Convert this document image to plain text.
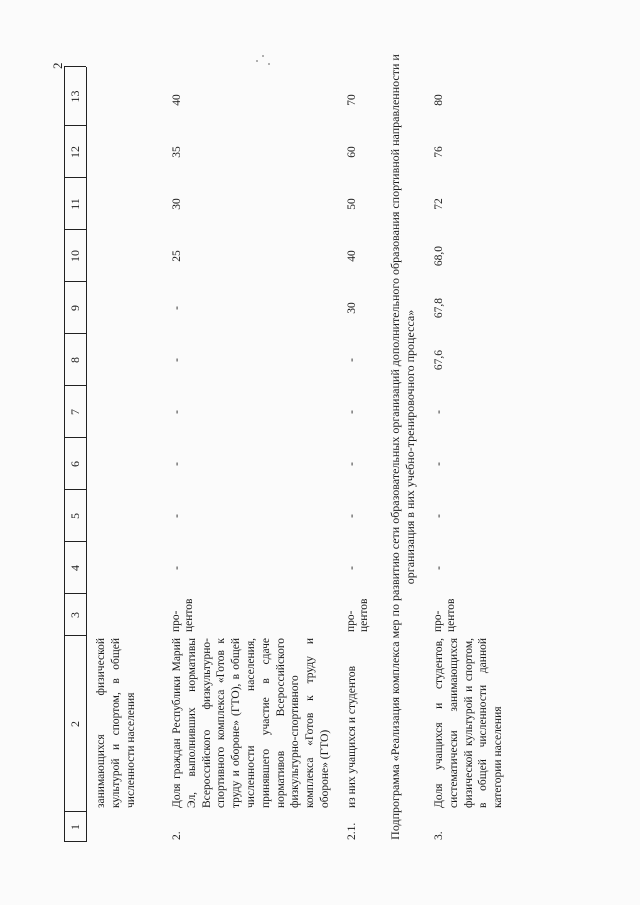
2
1
2
3
4
5
6
7
8
9
10
11
12
13
занимающихся физической культурой и спортом, в общей численности населения
2.
Доля граждан Республики Марий Эл, выполнивших нормативы Всероссийского физкультурно-спортивного комплекса «Готов к труду и обороне» (ГТО), в общей численности населения, принявшего участие в сдаче нормативов Всероссийского физкультурно-спортивного комплекса «Готов к труду и обороне» (ГТО)
про-
центов
-
-
-
-
-
-
25
30
35
40
2.1.
из них учащихся и студентов
про-
центов
-
-
-
-
-
30
40
50
60
70	Подпрограмма «Реализация комплекса мер по развитию сети образовательных организаций дополнительного образования спортивной направленности и организация в них учебно-тренировочного процесса»
3.
Доля учащихся и студентов, систематически занимающихся физической культурой и спортом, в общей численности данной категории населения
про-
центов
-
-
-
-
67,6
67,8
68,0
72
76
80
